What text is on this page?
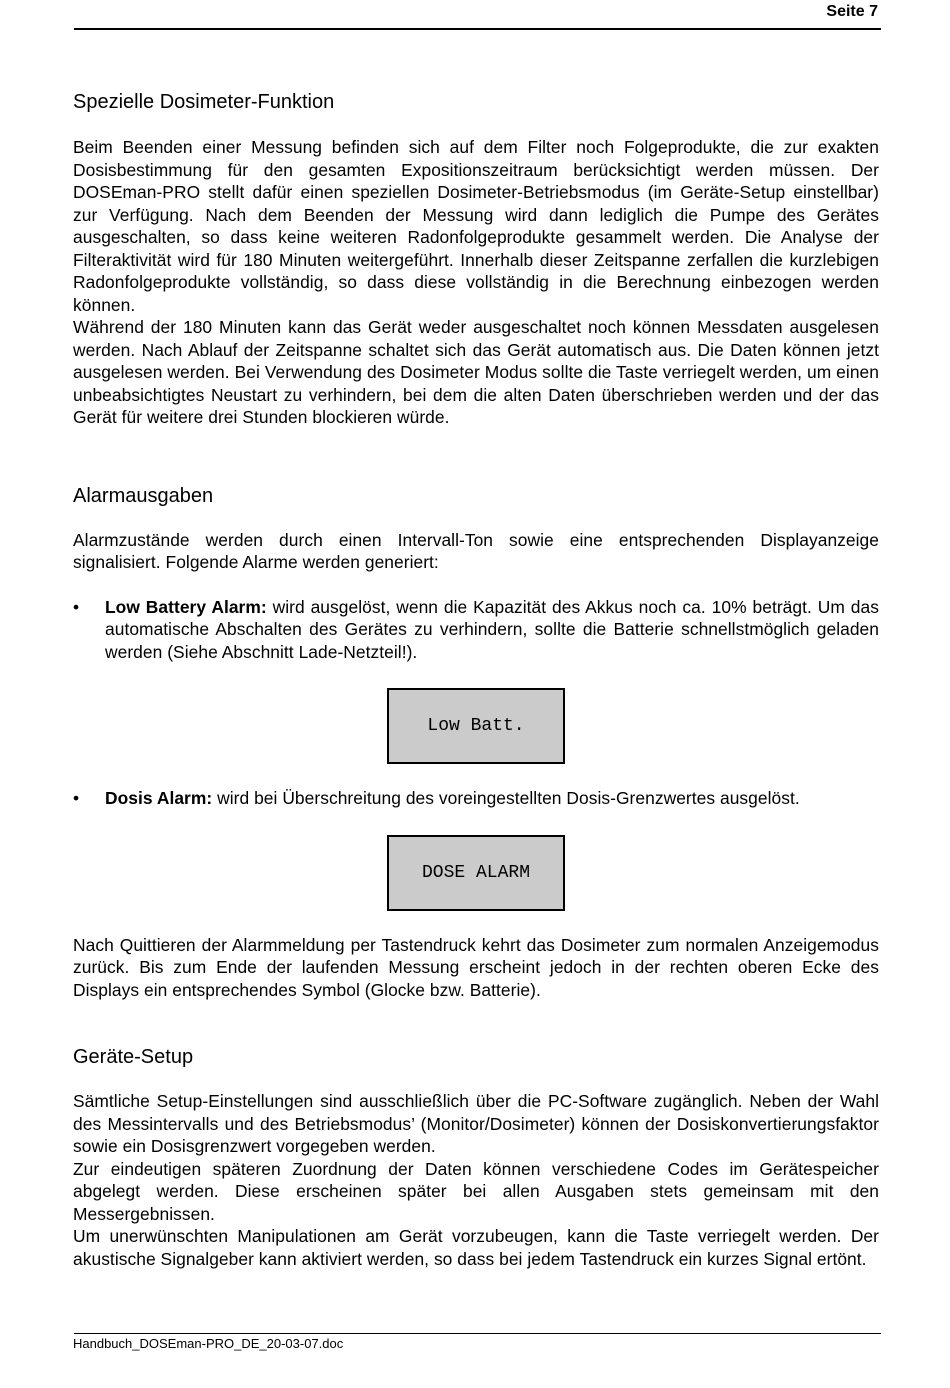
Seite 7
Spezielle Dosimeter-Funktion

Beim Beenden einer Messung befinden sich auf dem Filter noch Folgeprodukte, die zur exakten Dosisbestimmung für den gesamten Expositionszeitraum berücksichtigt werden müssen. Der DOSEman-PRO stellt dafür einen speziellen Dosimeter-Betriebsmodus (im Geräte-Setup einstellbar) zur Verfügung. Nach dem Beenden der Messung wird dann lediglich die Pumpe des Gerätes ausgeschalten, so dass keine weiteren Radonfolgeprodukte gesammelt werden. Die Analyse der Filteraktivität wird für 180 Minuten weitergeführt. Innerhalb dieser Zeitspanne zerfallen die kurzlebigen Radonfolgeprodukte vollständig, so dass diese vollständig in die Berechnung einbezogen werden können.

Während der 180 Minuten kann das Gerät weder ausgeschaltet noch können Messdaten ausgelesen werden. Nach Ablauf der Zeitspanne schaltet sich das Gerät automatisch aus. Die Daten können jetzt ausgelesen werden. Bei Verwendung des Dosimeter Modus sollte die Taste verriegelt werden, um einen unbeabsichtigtes Neustart zu verhindern, bei dem die alten Daten überschrieben werden und der das Gerät für weitere drei Stunden blockieren würde.

Alarmausgaben

Alarmzustände werden durch einen Intervall-Ton sowie eine entsprechenden Displayanzeige signalisiert. Folgende Alarme werden generiert:

• Low Battery Alarm: wird ausgelöst, wenn die Kapazität des Akkus noch ca. 10% beträgt. Um das automatische Abschalten des Gerätes zu verhindern, sollte die Batterie schnellstmöglich geladen werden (Siehe Abschnitt Lade-Netzteil!).

Low Batt.
• Dosis Alarm: wird bei Überschreitung des voreingestellten Dosis-Grenzwertes ausgelöst.

DOSE ALARM

Nach Quittieren der Alarmmeldung per Tastendruck kehrt das Dosimeter zum normalen Anzeigemodus zurück. Bis zum Ende der laufenden Messung erscheint jedoch in der rechten oberen Ecke des Displays ein entsprechendes Symbol (Glocke bzw. Batterie).

Geräte-Setup

Sämtliche Setup-Einstellungen sind ausschließlich über die PC-Software zugänglich. Neben der Wahl des Messintervalls und des Betriebsmodus’ (Monitor/Dosimeter) können der Dosiskonvertierungsfaktor sowie ein Dosisgrenzwert vorgegeben werden.

Zur eindeutigen späteren Zuordnung der Daten können verschiedene Codes im Gerätespeicher abgelegt werden. Diese erscheinen später bei allen Ausgaben stets gemeinsam mit den Messergebnissen.

Um unerwünschten Manipulationen am Gerät vorzubeugen, kann die Taste verriegelt werden. Der akustische Signalgeber kann aktiviert werden, so dass bei jedem Tastendruck ein kurzes Signal ertönt.

Handbuch_DOSEman-PRO_DE_20-03-07.doc
